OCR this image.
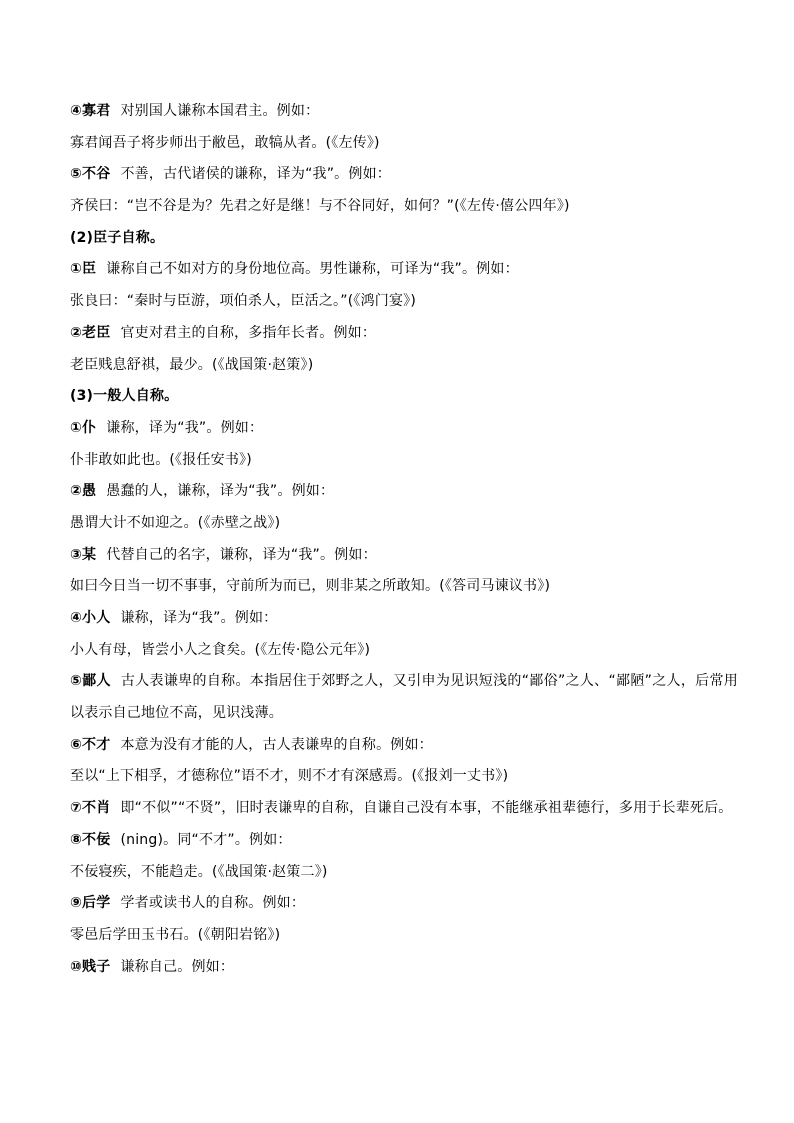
④寡君 对别国人谦称本国君主。例如：
寡君闻吾子将步师出于敝邑，敢犒从者。(《左传》)
⑤不谷 不善，古代诸侯的谦称，译为“我”。例如：
齐侯曰：“岂不谷是为？先君之好是继！与不谷同好，如何？”(《左传·僖公四年》)
(2)臣子自称。
①臣 谦称自己不如对方的身份地位高。男性谦称，可译为“我”。例如：
张良曰：“秦时与臣游，项伯杀人，臣活之。”(《鸿门宴》)
②老臣 官吏对君主的自称，多指年长者。例如：
老臣贱息舒祺，最少。(《战国策·赵策》)
(3)一般人自称。
①仆 谦称，译为“我”。例如：
仆非敢如此也。(《报任安书》)
②愚 愚蠢的人，谦称，译为“我”。例如：
愚谓大计不如迎之。(《赤壁之战》)
③某 代替自己的名字，谦称，译为“我”。例如：
如曰今日当一切不事事，守前所为而已，则非某之所敢知。(《答司马谏议书》)
④小人 谦称，译为“我”。例如：
小人有母，皆尝小人之食矣。(《左传·隐公元年》)
⑤鄙人 古人表谦卑的自称。本指居住于郊野之人，又引申为见识短浅的“鄙俗”之人、“鄙陋”之人，后常用以表示自己地位不高，见识浅薄。
⑥不才 本意为没有才能的人，古人表谦卑的自称。例如：
至以“上下相孚，才德称位”语不才，则不才有深感焉。(《报刘一丈书》)
⑦不肖 即“不似”“不贤”，旧时表谦卑的自称，自谦自己没有本事，不能继承祖辈德行，多用于长辈死后。
⑧不佞 (ning)。同“不才”。例如：
不佞寝疾，不能趋走。(《战国策·赵策二》)
⑨后学 学者或读书人的自称。例如：
零邑后学田玉书石。(《朝阳岩铭》)
⑩贱子 谦称自己。例如：
